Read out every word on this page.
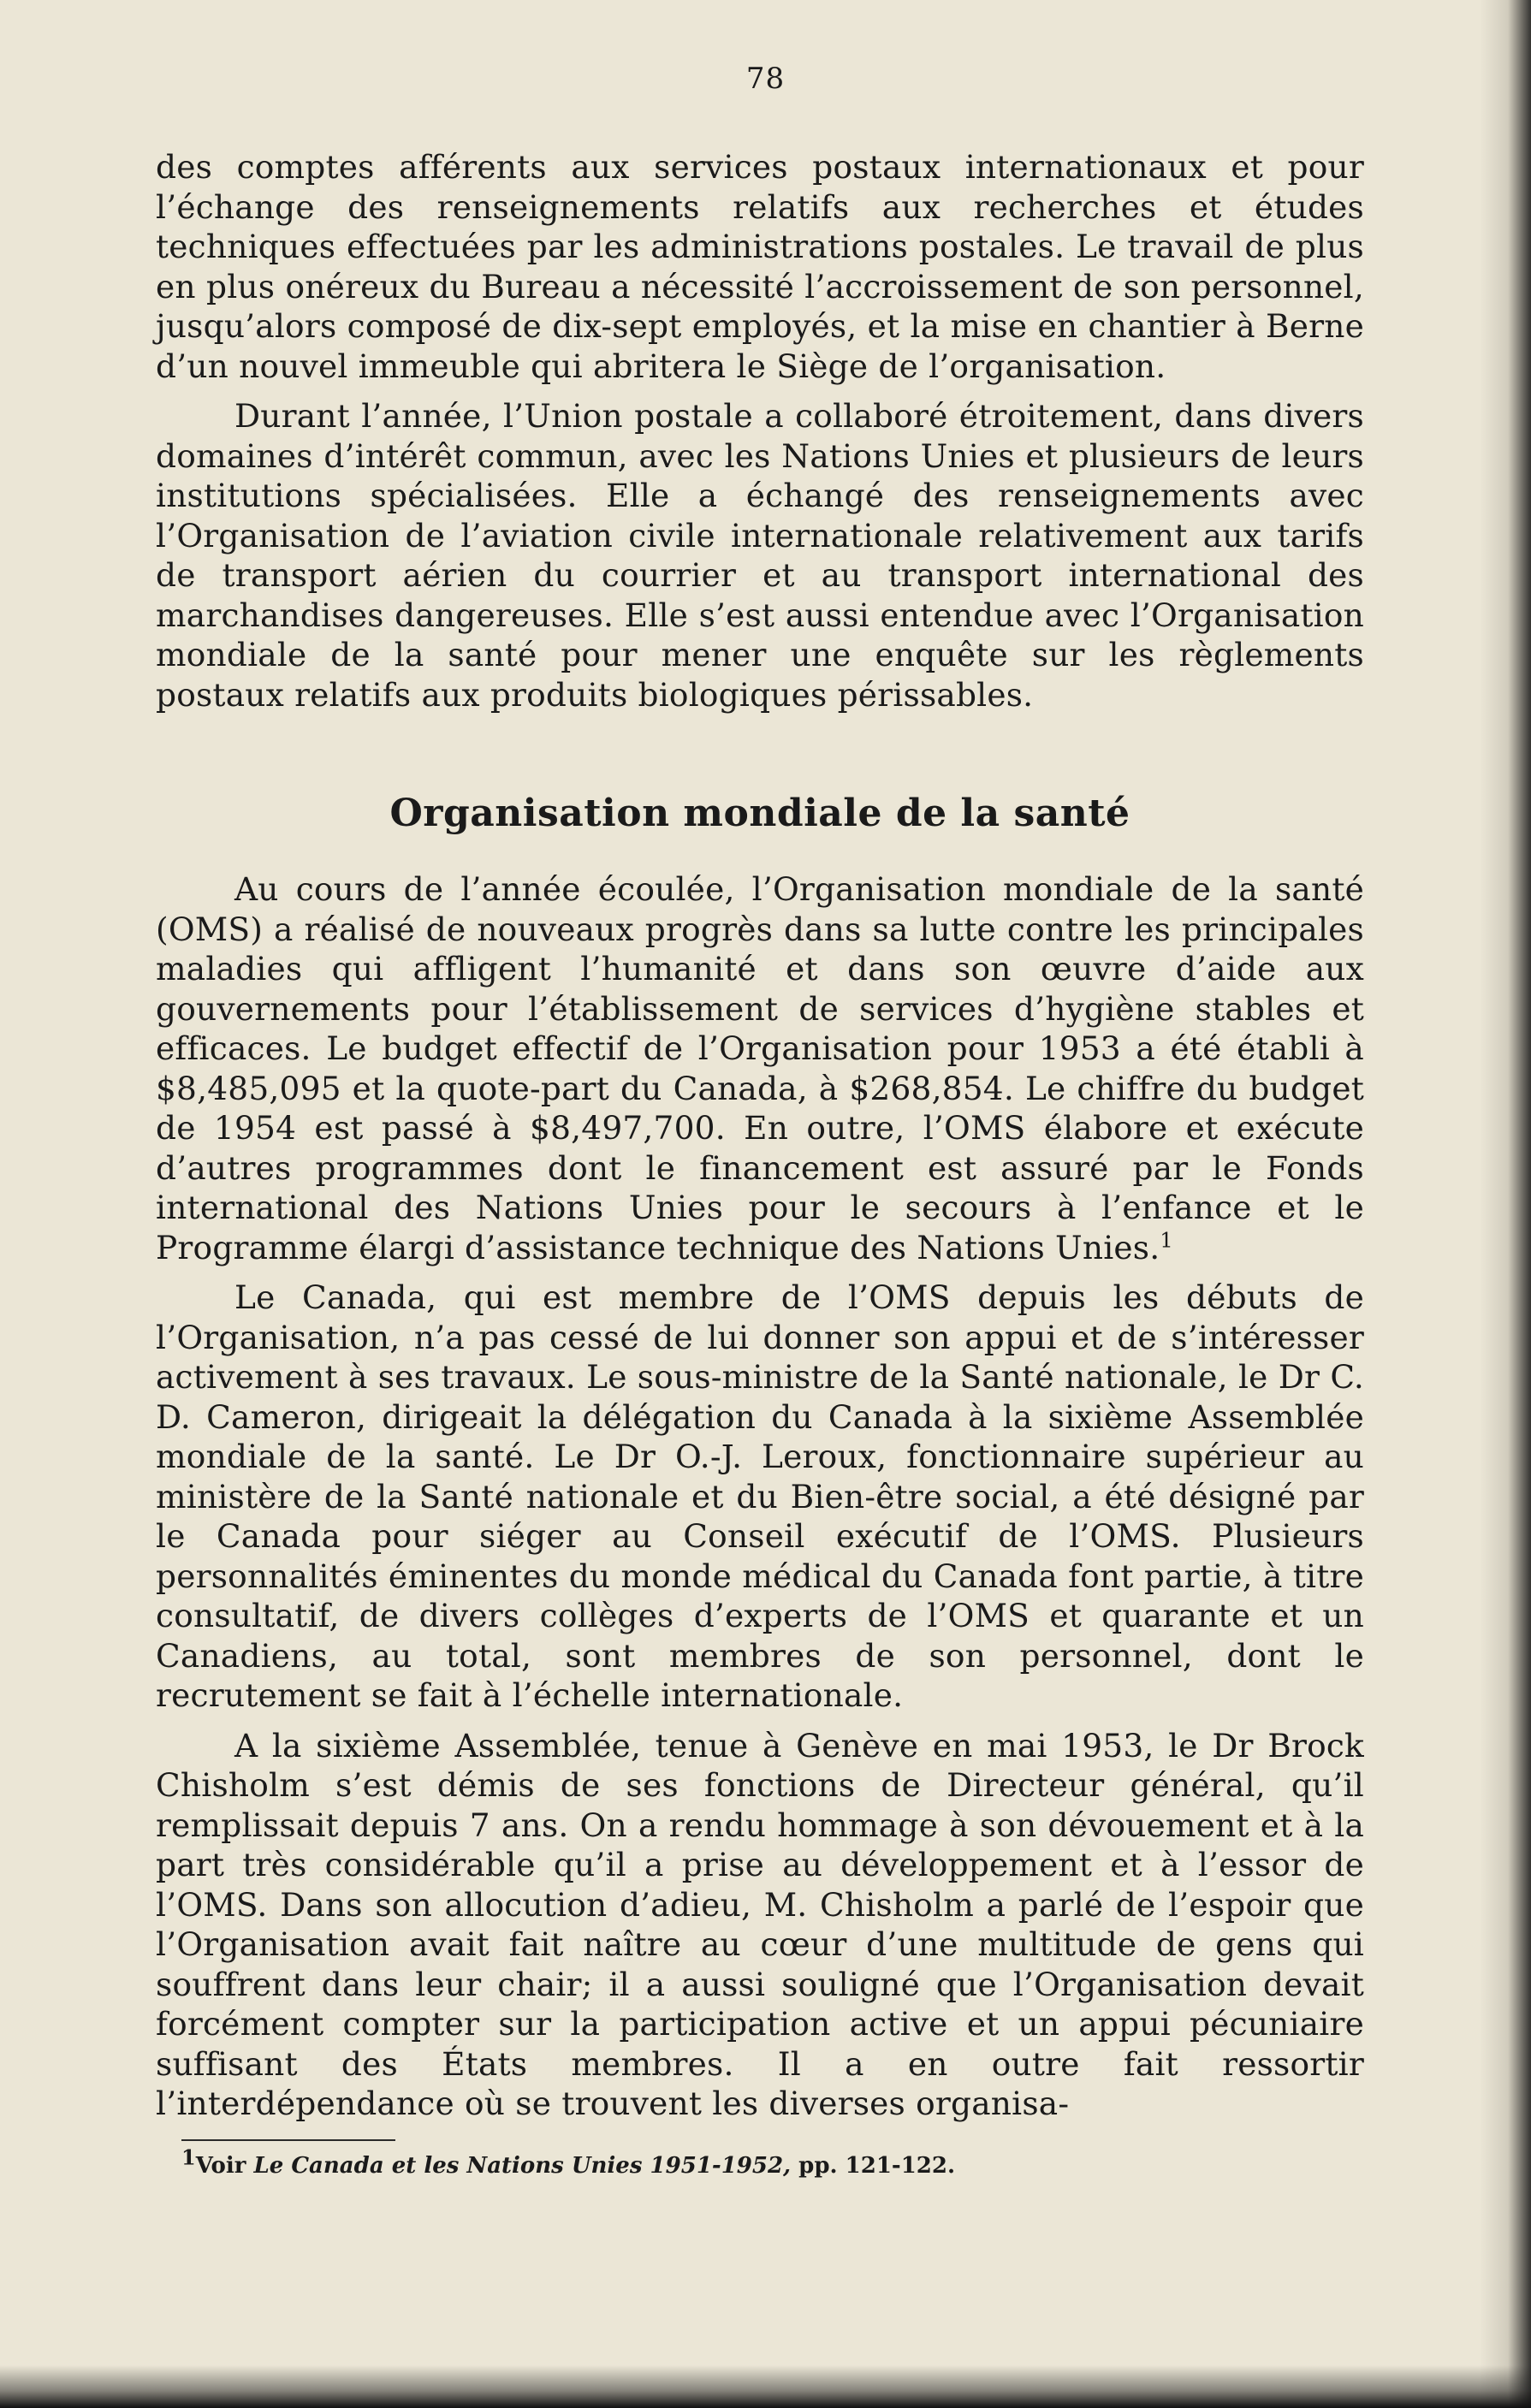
78

des comptes afférents aux services postaux internationaux et pour l’échange des renseignements relatifs aux recherches et études techniques effectuées par les administrations postales. Le travail de plus en plus onéreux du Bureau a nécessité l’accroissement de son personnel, jusqu’alors composé de dix-sept employés, et la mise en chantier à Berne d’un nouvel immeuble qui abritera le Siège de l’organisation.

Durant l’année, l’Union postale a collaboré étroitement, dans divers domaines d’intérêt commun, avec les Nations Unies et plusieurs de leurs institutions spécialisées. Elle a échangé des renseignements avec l’Organisation de l’aviation civile internationale relativement aux tarifs de transport aérien du courrier et au transport international des marchandises dangereuses. Elle s’est aussi entendue avec l’Organisation mondiale de la santé pour mener une enquête sur les règlements postaux relatifs aux produits biologiques périssables.

Organisation mondiale de la santé

Au cours de l’année écoulée, l’Organisation mondiale de la santé (OMS) a réalisé de nouveaux progrès dans sa lutte contre les principales maladies qui affligent l’humanité et dans son œuvre d’aide aux gouvernements pour l’établissement de services d’hygiène stables et efficaces. Le budget effectif de l’Organisation pour 1953 a été établi à $8,485,095 et la quote-part du Canada, à $268,854. Le chiffre du budget de 1954 est passé à $8,497,700. En outre, l’OMS élabore et exécute d’autres programmes dont le financement est assuré par le Fonds international des Nations Unies pour le secours à l’enfance et le Programme élargi d’assistance technique des Nations Unies.$^1$

Le Canada, qui est membre de l’OMS depuis les débuts de l’Organisation, n’a pas cessé de lui donner son appui et de s’intéresser activement à ses travaux. Le sous-ministre de la Santé nationale, le Dr C. D. Cameron, dirigeait la délégation du Canada à la sixième Assemblée mondiale de la santé. Le Dr O.-J. Leroux, fonctionnaire supérieur au ministère de la Santé nationale et du Bien-être social, a été désigné par le Canada pour siéger au Conseil exécutif de l’OMS. Plusieurs personnalités éminentes du monde médical du Canada font partie, à titre consultatif, de divers collèges d’experts de l’OMS et quarante et un Canadiens, au total, sont membres de son personnel, dont le recrutement se fait à l’échelle internationale.

A la sixième Assemblée, tenue à Genève en mai 1953, le Dr Brock Chisholm s’est démis de ses fonctions de Directeur général, qu’il remplissait depuis 7 ans. On a rendu hommage à son dévouement et à la part très considérable qu’il a prise au développement et à l’essor de l’OMS. Dans son allocution d’adieu, M. Chisholm a parlé de l’espoir que l’Organisation avait fait naître au cœur d’une multitude de gens qui souffrent dans leur chair; il a aussi souligné que l’Organisation devait forcément compter sur la participation active et un appui pécuniaire suffisant des États membres. Il a en outre fait ressortir l’interdépendance où se trouvent les diverses organisa-

1Voir Le Canada et les Nations Unies 1951-1952, pp. 121-122.
